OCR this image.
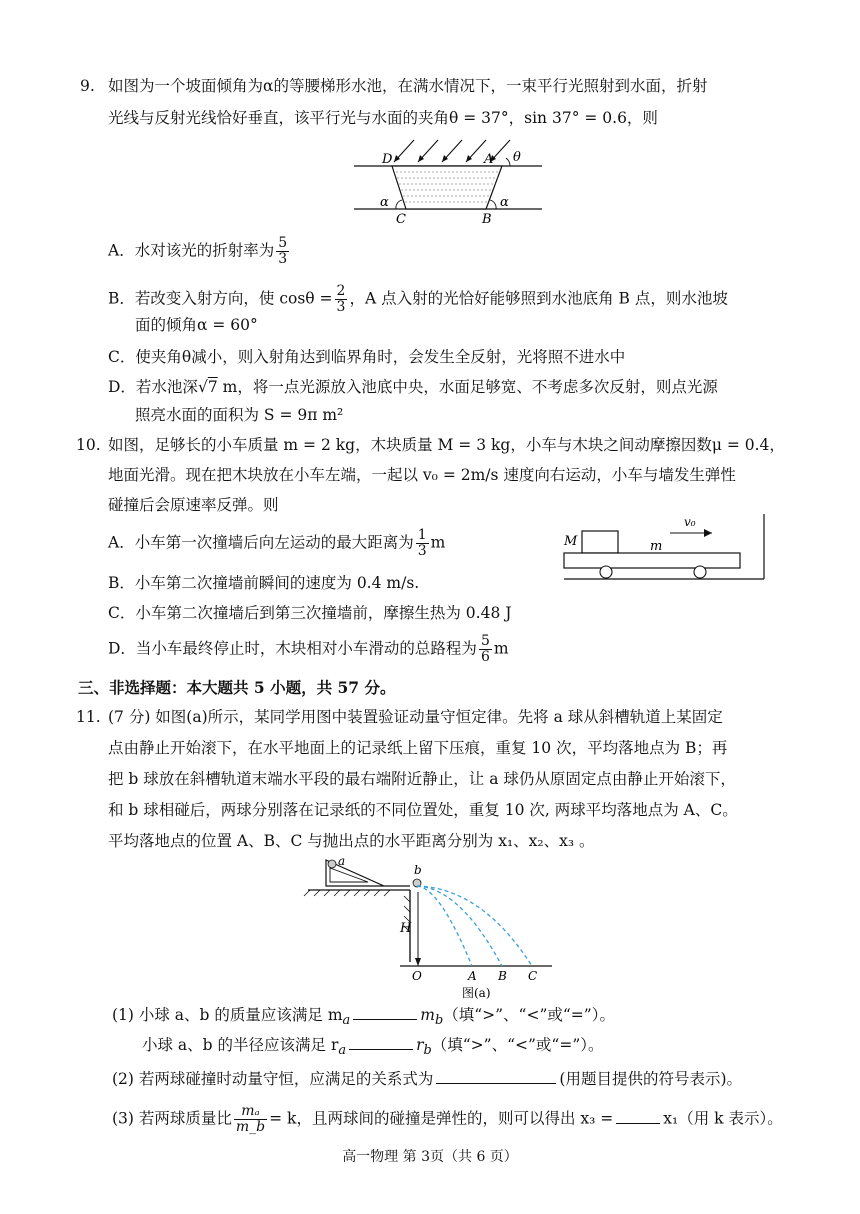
9. 如图为一个坡面倾角为α的等腰梯形水池，在满水情况下，一束平行光照射到水面，折射
光线与反射光线恰好垂直，该平行光与水面的夹角θ = 37°，sin 37° = 0.6，则
D	A θ
α	α
C	B
A．水对该光的折射率为 $\frac{5}{3}$
B．若改变入射方向，使 $\cos\theta = \frac{2}{3}$ ，A 点入射的光恰好能够照到水池底角 B 点，则水池坡
面的倾角α = 60°
C．使夹角θ减小，则入射角达到临界角时，会发生全反射，光将照不进水中
D．若水池深√7 m，将一点光源放入池底中央，水面足够宽、不考虑多次反射，则点光源
照亮水面的面积为 S = 9π m²
10. 如图，足够长的小车质量 m = 2 kg，木块质量 M = 3 kg，小车与木块之间动摩擦因数μ = 0.4，
地面光滑。现在把木块放在小车左端，一起以 v₀ = 2m/s 速度向右运动，小车与墙发生弹性
碰撞后会原速率反弹。则
A．小车第一次撞墙后向左运动的最大距离为 $\frac{1}{3}$ m	M	m
v₀
B．小车第二次撞墙前瞬间的速度为 0.4 m/s.
C．小车第二次撞墙后到第三次撞墙前，摩擦生热为 0.48 J
D．当小车最终停止时，木块相对小车滑动的总路程为 $\frac{5}{6}$ m
三、非选择题：本大题共 5 小题，共 57 分。
11. (7 分) 如图(a)所示，某同学用图中装置验证动量守恒定律。先将 a 球从斜槽轨道上某固定
点由静止开始滚下，在水平地面上的记录纸上留下压痕，重复 10 次，平均落地点为 B；再
把 b 球放在斜槽轨道末端水平段的最右端附近静止，让 a 球仍从原固定点由静止开始滚下，
和 b 球相碰后，两球分别落在记录纸的不同位置处，重复 10 次, 两球平均落地点为 A、C。
平均落地点的位置 A、B、C 与抛出点的水平距离分别为 x₁、x₂、x₃ 。
a
b
H
O	A B C
图(a)
(1) 小球 a、b 的质量应该满足 $m_a$	$m_b$（填“>”、“<”或“=”）。
小球 a、b 的半径应该满足 $r_a$	$r_b$（填“>”、“<”或“=”）。
(2) 若两球碰撞时动量守恒，应满足的关系式为	(用题目提供的符号表示)。
(3) 若两球质量比 $\frac{\text{mₐ}}{m\_b} = k$，且两球间的碰撞是弹性的，则可以得出 x₃ =	x₁（用 k 表示）。
高一物理 第 3页（共 6 页）
